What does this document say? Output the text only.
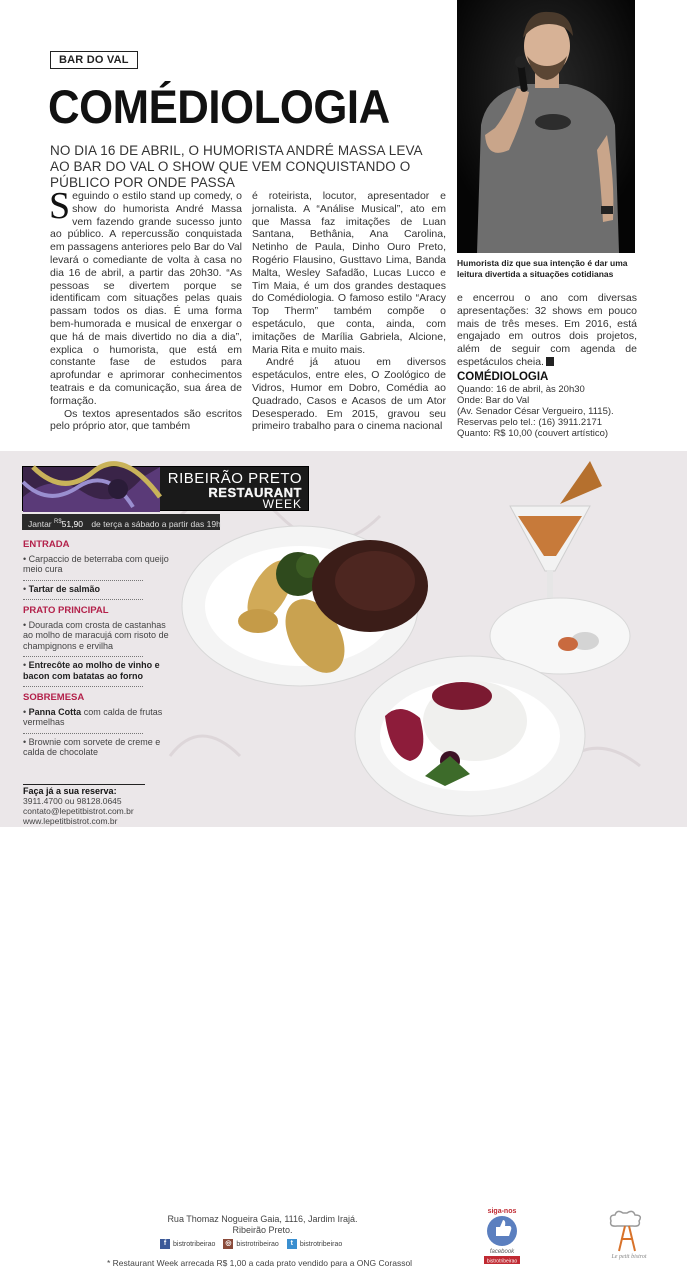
BAR DO VAL
COMÉDIOLOGIA
NO DIA 16 DE ABRIL, O HUMORISTA ANDRÉ MASSA LEVA AO BAR DO VAL O SHOW QUE VEM CONQUISTANDO O PÚBLICO POR ONDE PASSA
Humorista diz que sua intenção é dar uma leitura divertida a situações cotidianas

Seguindo o estilo stand up comedy, o show do humorista André Massa vem fazendo grande sucesso junto ao público. A repercussão conquistada em passagens anteriores pelo Bar do Val levará o comediante de volta à casa no dia 16 de abril, a partir das 20h30. “As pessoas se divertem porque se identificam com situações pelas quais passam todos os dias. É uma forma bem-humorada e musical de enxergar o que há de mais divertido no dia a dia”, explica o humorista, que está em constante fase de estudos para aprofundar e aprimorar conhecimentos teatrais e da comunicação, sua área de formação.

Os textos apresentados são escritos pelo próprio ator, que também

é roteirista, locutor, apresentador e jornalista. A “Análise Musical”, ato em que Massa faz imitações de Luan Santana, Bethânia, Ana Carolina, Netinho de Paula, Dinho Ouro Preto, Rogério Flausino, Gusttavo Lima, Banda Malta, Wesley Safadão, Lucas Lucco e Tim Maia, é um dos grandes destaques do Comédiologia. O famoso estilo “Aracy Top Therm” também compõe o espetáculo, que conta, ainda, com imitações de Marília Gabriela, Alcione, Maria Rita e muito mais.

André já atuou em diversos espetáculos, entre eles, O Zoológico de Vidros, Humor em Dobro, Comédia ao Quadrado, Casos e Acasos de um Ator Desesperado. Em 2015, gravou seu primeiro trabalho para o cinema nacional

e encerrou o ano com diversas apresentações: 32 shows em pouco mais de três meses. Em 2016, está engajado em outros dois projetos, além de seguir com agenda de espetáculos cheia.

COMÉDIOLOGIA
Quando: 16 de abril, às 20h30
Onde: Bar do Val
(Av. Senador César Vergueiro, 1115).
Reservas pelo tel.: (16) 3911.2171
Quanto: R$ 10,00 (couvert artístico)
RIBEIRÃO PRETO
RESTAURANT
WEEK
Jantar $^{R\$}$51,90 de terça a sábado a partir das 19h
ENTRADA
• Carpaccio de beterraba com queijo meio cura
• Tartar de salmão
PRATO PRINCIPAL
• Dourada com crosta de castanhas ao molho de maracujá com risoto de champignons e ervilha
• Entrecôte ao molho de vinho e bacon com batatas ao forno
SOBREMESA
• Panna Cotta com calda de frutas vermelhas
• Brownie com sorvete de creme e calda de chocolate
Faça já a sua reserva:
3911.4700 ou 98128.0645
contato@lepetitbistrot.com.br
www.lepetitbistrot.com.br
Rua Thomaz Nogueira Gaia, 1116, Jardim Irajá.
Ribeirão Preto.
f bistrotribeirao ◎ bistrotribeirao	t bistrotribeirao
* Restaurant Week arrecada R$ 1,00 a cada prato vendido para a ONG Corassol
siga-nos
facebook
bistrotribeirao
Le petit bistrot
